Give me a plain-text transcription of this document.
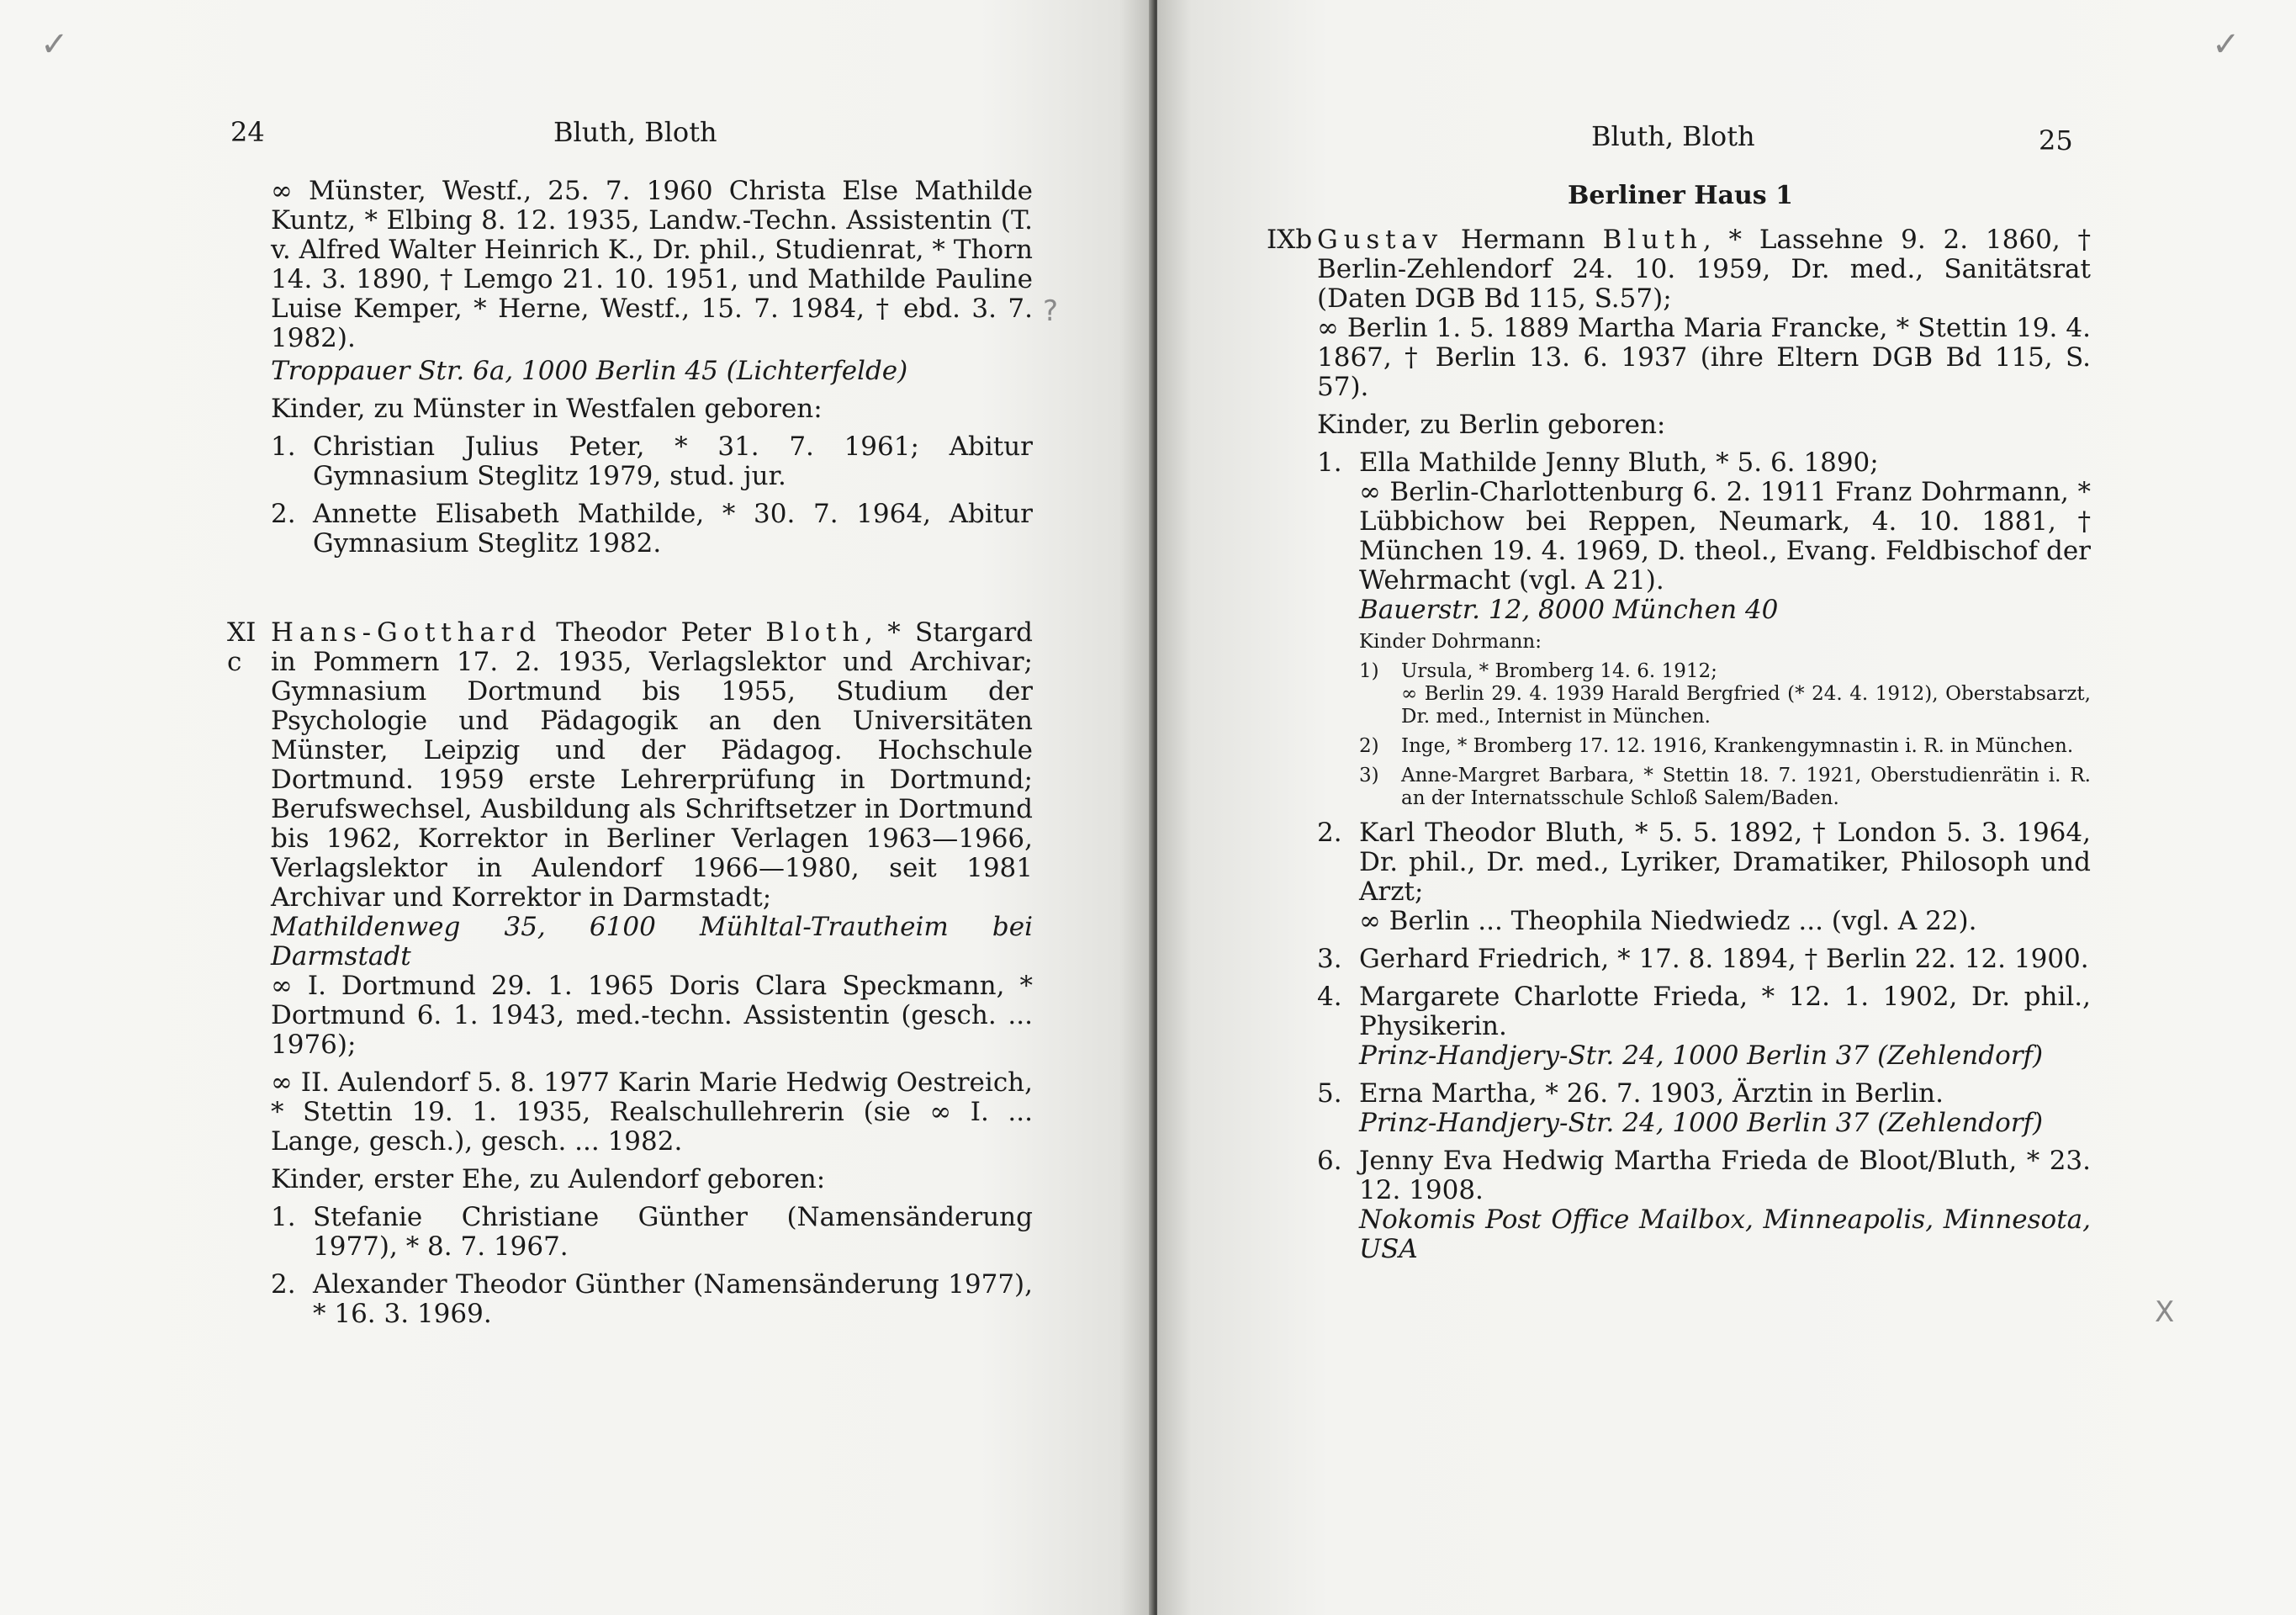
✓
24	Bluth, Bloth
?

∞ Münster, Westf., 25. 7. 1960 Christa Else Mathilde Kuntz, * Elbing 8. 12. 1935, Landw.-Techn. Assistentin (T. v. Alfred Walter Heinrich K., Dr. phil., Studienrat, * Thorn 14. 3. 1890, † Lemgo 21. 10. 1951, und Mathilde Pauline Luise Kemper, * Herne, Westf., 15. 7. 1984, † ebd. 3. 7. 1982).

Troppauer Str. 6a, 1000 Berlin 45 (Lichterfelde)

Kinder, zu Münster in Westfalen geboren:

1. Christian Julius Peter, * 31. 7. 1961; Abitur Gymnasium Steglitz 1979, stud. jur.
2. Annette Elisabeth Mathilde, * 30. 7. 1964, Abitur Gymnasium Steglitz 1982.
XI c
Hans-Gotthard Theodor Peter Bloth, * Stargard in Pommern 17. 2. 1935, Verlagslektor und Archivar; Gymnasium Dortmund bis 1955, Studium der Psychologie und Pädagogik an den Universitäten Münster, Leipzig und der Pädagog. Hochschule Dortmund. 1959 erste Lehrerprüfung in Dortmund; Berufswechsel, Ausbildung als Schriftsetzer in Dortmund bis 1962, Korrektor in Berliner Verlagen 1963—1966, Verlagslektor in Aulendorf 1966—1980, seit 1981 Archivar und Korrektor in Darmstadt;

Mathildenweg 35, 6100 Mühltal-Trautheim bei Darmstadt

∞ I. Dortmund 29. 1. 1965 Doris Clara Speckmann, * Dortmund 6. 1. 1943, med.-techn. Assistentin (gesch. ... 1976);

∞ II. Aulendorf 5. 8. 1977 Karin Marie Hedwig Oestreich, * Stettin 19. 1. 1935, Realschullehrerin (sie ∞ I. ... Lange, gesch.), gesch. ... 1982.

Kinder, erster Ehe, zu Aulendorf geboren:

1. Stefanie Christiane Günther (Namensänderung 1977), * 8. 7. 1967.
2. Alexander Theodor Günther (Namensänderung 1977), * 16. 3. 1969.
✓
Bluth, Bloth	25
X
Berliner Haus 1
IXb Gustav Hermann Bluth, * Lassehne 9. 2. 1860, † Berlin-Zehlendorf 24. 10. 1959, Dr. med., Sanitätsrat (Daten DGB Bd 115, S.57);

∞ Berlin 1. 5. 1889 Martha Maria Francke, * Stettin 19. 4. 1867, † Berlin 13. 6. 1937 (ihre Eltern DGB Bd 115, S. 57).

Kinder, zu Berlin geboren:

1. Ella Mathilde Jenny Bluth, * 5. 6. 1890;
∞ Berlin-Charlottenburg 6. 2. 1911 Franz Dohrmann, * Lübbichow bei Reppen, Neumark, 4. 10. 1881, † München 19. 4. 1969, D. theol., Evang. Feldbischof der Wehrmacht (vgl. A 21).
Bauerstr. 12, 8000 München 40
Kinder Dohrmann:
1) Ursula, * Bromberg 14. 6. 1912;
∞ Berlin 29. 4. 1939 Harald Bergfried (* 24. 4. 1912), Oberstabsarzt, Dr. med., Internist in München.
2) Inge, * Bromberg 17. 12. 1916, Krankengymnastin i. R. in München.
3) Anne-Margret Barbara, * Stettin 18. 7. 1921, Oberstudienrätin i. R. an der Internatsschule Schloß Salem/Baden.
2. Karl Theodor Bluth, * 5. 5. 1892, † London 5. 3. 1964, Dr. phil., Dr. med., Lyriker, Dramatiker, Philosoph und Arzt;
∞ Berlin ... Theophila Niedwiedz ... (vgl. A 22).
3. Gerhard Friedrich, * 17. 8. 1894, † Berlin 22. 12. 1900.
4. Margarete Charlotte Frieda, * 12. 1. 1902, Dr. phil., Physikerin.
Prinz-Handjery-Str. 24, 1000 Berlin 37 (Zehlendorf)
5. Erna Martha, * 26. 7. 1903, Ärztin in Berlin.
Prinz-Handjery-Str. 24, 1000 Berlin 37 (Zehlendorf)
6. Jenny Eva Hedwig Martha Frieda de Bloot/Bluth, * 23. 12. 1908.
Nokomis Post Office Mailbox, Minneapolis, Minnesota, USA
